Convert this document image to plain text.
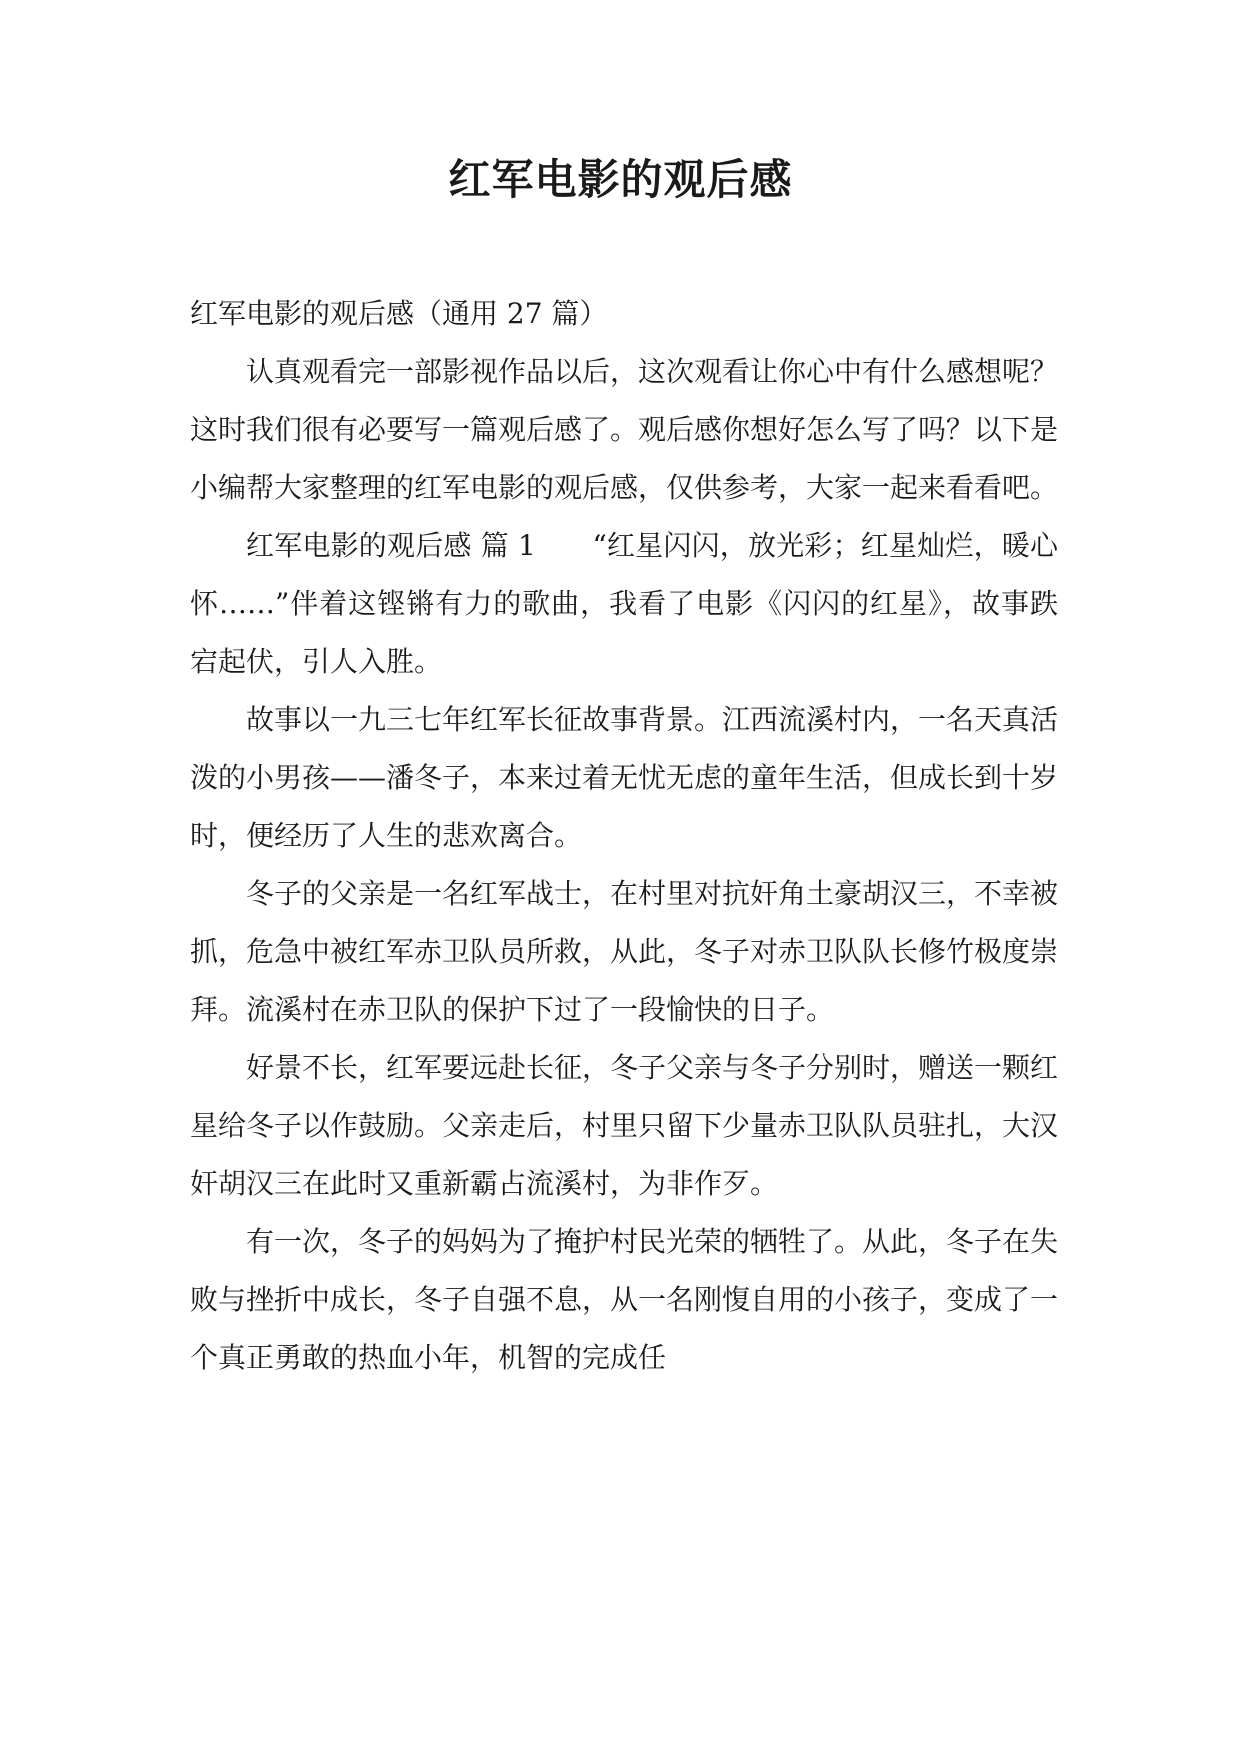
红军电影的观后感

红军电影的观后感（通用 27 篇）

认真观看完一部影视作品以后，这次观看让你心中有什么感想呢？这时我们很有必要写一篇观后感了。观后感你想好怎么写了吗？以下是小编帮大家整理的红军电影的观后感，仅供参考，大家一起来看看吧。

红军电影的观后感 篇 1　　“红星闪闪，放光彩；红星灿烂，暖心怀……”伴着这铿锵有力的歌曲，我看了电影《闪闪的红星》，故事跌宕起伏，引人入胜。

故事以一九三七年红军长征故事背景。江西流溪村内，一名天真活泼的小男孩——潘冬子，本来过着无忧无虑的童年生活，但成长到十岁时，便经历了人生的悲欢离合。

冬子的父亲是一名红军战士，在村里对抗奸角土豪胡汉三，不幸被抓，危急中被红军赤卫队员所救，从此，冬子对赤卫队队长修竹极度崇拜。流溪村在赤卫队的保护下过了一段愉快的日子。

好景不长，红军要远赴长征，冬子父亲与冬子分别时，赠送一颗红星给冬子以作鼓励。父亲走后，村里只留下少量赤卫队队员驻扎，大汉奸胡汉三在此时又重新霸占流溪村，为非作歹。

有一次，冬子的妈妈为了掩护村民光荣的牺牲了。从此，冬子在失败与挫折中成长，冬子自强不息，从一名刚愎自用的小孩子，变成了一个真正勇敢的热血小年，机智的完成任
